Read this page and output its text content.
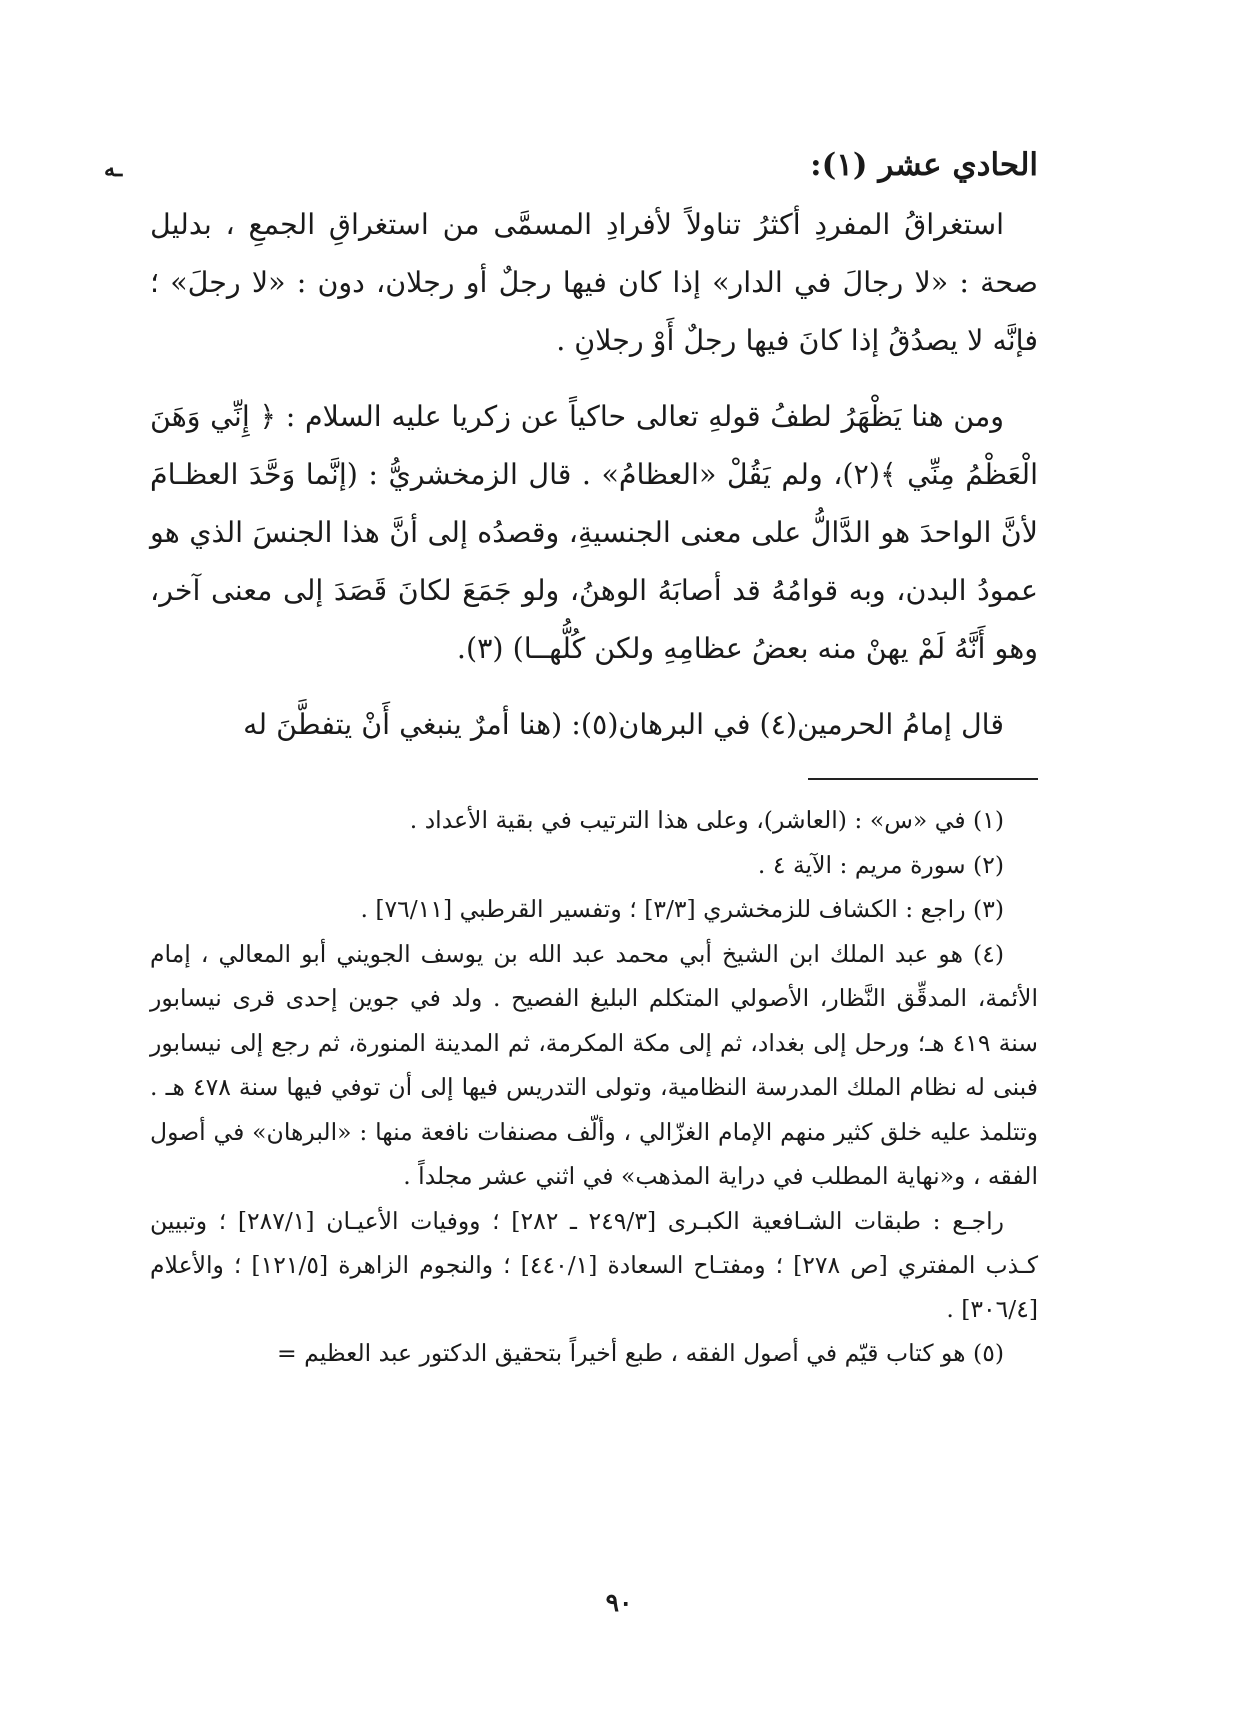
ـه	الحادي عشر (١):

استغراقُ المفردِ أكثرُ تناولاً لأفرادِ المسمَّى من استغراقِ الجمعِ ، بدليل صحة : «لا رجالَ في الدار» إذا كان فيها رجلٌ أو رجلان، دون : «لا رجلَ» ؛ فإنَّه لا يصدُقُ إذا كانَ فيها رجلٌ أَوْ رجلانِ .

ومن هنا يَظْهَرُ لطفُ قولهِ تعالى حاكياً عن زكريا عليه السلام : ﴿ إِنِّي وَهَنَ الْعَظْمُ مِنِّي ﴾(٢)، ولم يَقُلْ «العظامُ» . قال الزمخشريُّ : (إنَّما وَحَّدَ العظـامَ لأنَّ الواحدَ هو الدَّالُّ على معنى الجنسيةِ، وقصدُه إلى أنَّ هذا الجنسَ الذي هو عمودُ البدن، وبه قوامُهُ قد أصابَهُ الوهنُ، ولو جَمَعَ لكانَ قَصَدَ إلى معنى آخر، وهو أَنَّهُ لَمْ يهنْ منه بعضُ عظامِهِ ولكن كُلُّهــا) (٣).

قال إمامُ الحرمين(٤) في البرهان(٥): (هنا أمرٌ ينبغي أَنْ يتفطَّنَ له

(١) في «س» : (العاشر)، وعلى هذا الترتيب في بقية الأعداد .

(٢) سورة مريم : الآية ٤ .

(٣) راجع : الكشاف للزمخشري [٣/٣] ؛ وتفسير القرطبي [٧٦/١١] .

(٤) هو عبد الملك ابن الشيخ أبي محمد عبد الله بن يوسف الجويني أبو المعالي ، إمام الأئمة، المدقِّق النَّظار، الأصولي المتكلم البليغ الفصيح . ولد في جوين إحدى قرى نيسابور سنة ٤١٩ هـ؛ ورحل إلى بغداد، ثم إلى مكة المكرمة، ثم المدينة المنورة، ثم رجع إلى نيسابور فبنى له نظام الملك المدرسة النظامية، وتولى التدريس فيها إلى أن توفي فيها سنة ٤٧٨ هـ . وتتلمذ عليه خلق كثير منهم الإمام الغزّالي ، وألّف مصنفات نافعة منها : «البرهان» في أصول الفقه ، و«نهاية المطلب في دراية المذهب» في اثني عشر مجلداً .

راجـع : طبقات الشـافعية الكبـرى [٢٤٩/٣ ـ ٢٨٢] ؛ ووفيات الأعيـان [٢٨٧/١] ؛ وتبيين كـذب المفتري [ص ٢٧٨] ؛ ومفتـاح السعادة [٤٤٠/١] ؛ والنجوم الزاهرة [١٢١/٥] ؛ والأعلام [٣٠٦/٤] .

(٥) هو كتاب قيّم في أصول الفقه ، طبع أخيراً بتحقيق الدكتور عبد العظيم =

٩٠
